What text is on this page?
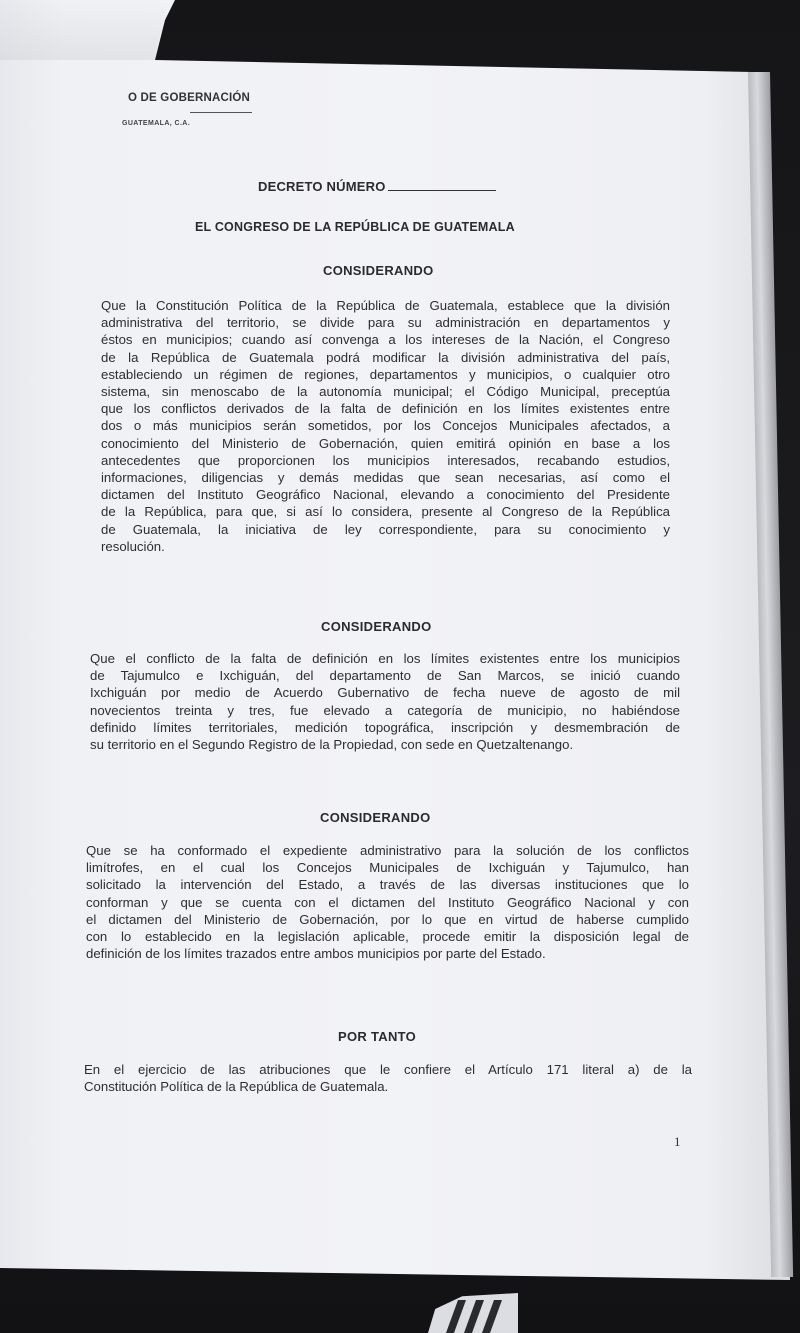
O DE GOBERNACIÓN
GUATEMALA, C.A.
DECRETO NÚMERO
EL CONGRESO DE LA REPÚBLICA DE GUATEMALA
CONSIDERANDO
Que la Constitución Política de la República de Guatemala, establece que la división
administrativa del territorio, se divide para su administración en departamentos y
éstos en municipios; cuando así convenga a los intereses de la Nación, el Congreso
de la República de Guatemala podrá modificar la división administrativa del país,
estableciendo un régimen de regiones, departamentos y municipios, o cualquier otro
sistema, sin menoscabo de la autonomía municipal; el Código Municipal, preceptúa
que los conflictos derivados de la falta de definición en los límites existentes entre
dos o más municipios serán sometidos, por los Concejos Municipales afectados, a
conocimiento del Ministerio de Gobernación, quien emitirá opinión en base a los
antecedentes que proporcionen los municipios interesados, recabando estudios,
informaciones, diligencias y demás medidas que sean necesarias, así como el
dictamen del Instituto Geográfico Nacional, elevando a conocimiento del Presidente
de la República, para que, si así lo considera, presente al Congreso de la República
de Guatemala, la iniciativa de ley correspondiente, para su conocimiento y
resolución.
CONSIDERANDO
Que el conflicto de la falta de definición en los límites existentes entre los municipios
de Tajumulco e Ixchiguán, del departamento de San Marcos, se inició cuando
Ixchiguán por medio de Acuerdo Gubernativo de fecha nueve de agosto de mil
novecientos treinta y tres, fue elevado a categoría de municipio, no habiéndose
definido límites territoriales, medición topográfica, inscripción y desmembración de
su territorio en el Segundo Registro de la Propiedad, con sede en Quetzaltenango.
CONSIDERANDO
Que se ha conformado el expediente administrativo para la solución de los conflictos
limítrofes, en el cual los Concejos Municipales de Ixchiguán y Tajumulco, han
solicitado la intervención del Estado, a través de las diversas instituciones que lo
conforman y que se cuenta con el dictamen del Instituto Geográfico Nacional y con
el dictamen del Ministerio de Gobernación, por lo que en virtud de haberse cumplido
con lo establecido en la legislación aplicable, procede emitir la disposición legal de
definición de los límites trazados entre ambos municipios por parte del Estado.
POR TANTO
En el ejercicio de las atribuciones que le confiere el Artículo 171 literal a) de la
Constitución Política de la República de Guatemala.
1
